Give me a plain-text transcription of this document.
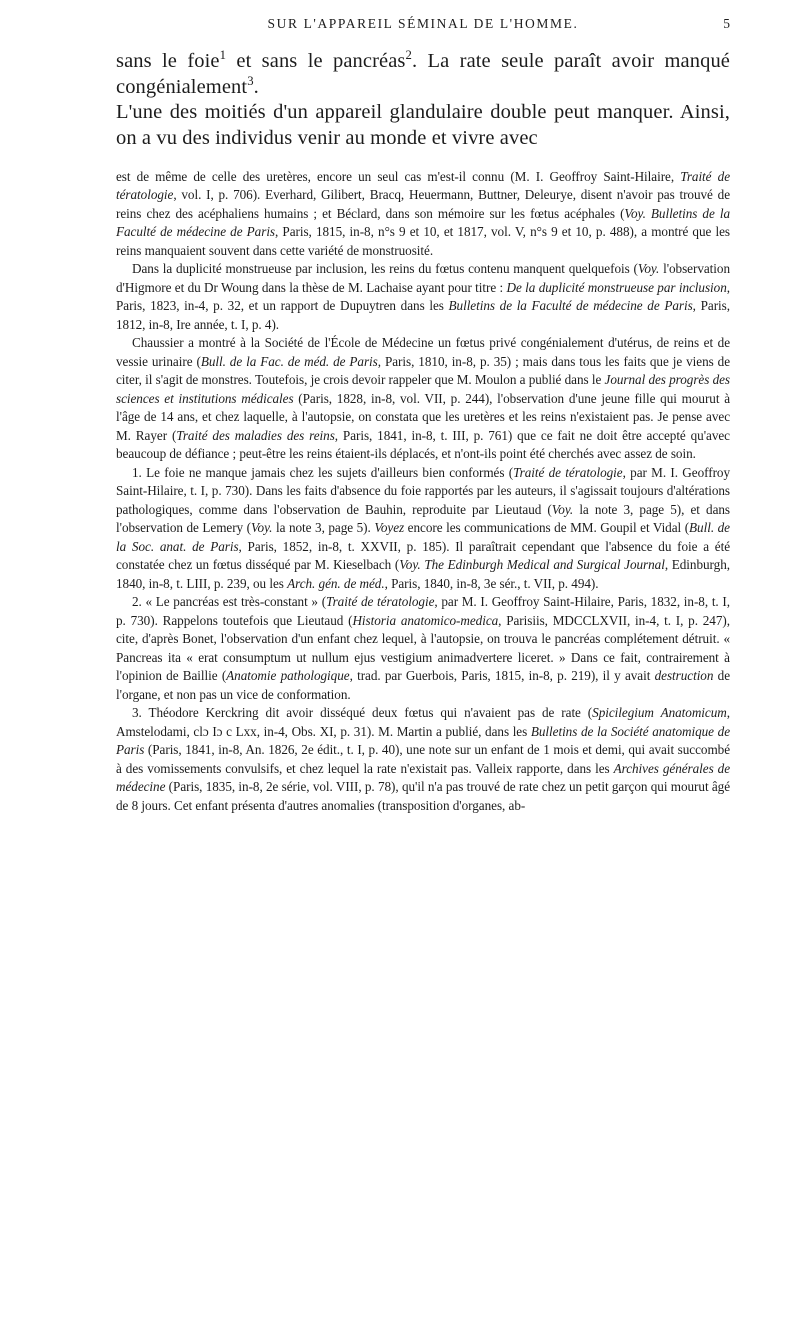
SUR L'APPAREIL SÉMINAL DE L'HOMME.	5

sans le foie$^1$ et sans le pancréas$^2$. La rate seule paraît avoir manqué congénialement$^3$.

L'une des moitiés d'un appareil glandulaire double peut manquer. Ainsi, on a vu des individus venir au monde et vivre avec

est de même de celle des uretères, encore un seul cas m'est-il connu (M. I. Geoffroy Saint-Hilaire, Traité de tératologie, vol. I, p. 706). Everhard, Gilibert, Bracq, Heuermann, Buttner, Deleurye, disent n'avoir pas trouvé de reins chez des acéphaliens humains ; et Béclard, dans son mémoire sur les fœtus acéphales (Voy. Bulletins de la Faculté de médecine de Paris, Paris, 1815, in-8, n°s 9 et 10, et 1817, vol. V, n°s 9 et 10, p. 488), a montré que les reins manquaient souvent dans cette variété de monstruosité.

Dans la duplicité monstrueuse par inclusion, les reins du fœtus contenu manquent quelquefois (Voy. l'observation d'Higmore et du Dr Woung dans la thèse de M. Lachaise ayant pour titre : De la duplicité monstrueuse par inclusion, Paris, 1823, in-4, p. 32, et un rapport de Dupuytren dans les Bulletins de la Faculté de médecine de Paris, Paris, 1812, in-8, Ire année, t. I, p. 4).

Chaussier a montré à la Société de l'École de Médecine un fœtus privé congénialement d'utérus, de reins et de vessie urinaire (Bull. de la Fac. de méd. de Paris, Paris, 1810, in-8, p. 35) ; mais dans tous les faits que je viens de citer, il s'agit de monstres. Toutefois, je crois devoir rappeler que M. Moulon a publié dans le Journal des progrès des sciences et institutions médicales (Paris, 1828, in-8, vol. VII, p. 244), l'observation d'une jeune fille qui mourut à l'âge de 14 ans, et chez laquelle, à l'autopsie, on constata que les uretères et les reins n'existaient pas. Je pense avec M. Rayer (Traité des maladies des reins, Paris, 1841, in-8, t. III, p. 761) que ce fait ne doit être accepté qu'avec beaucoup de défiance ; peut-être les reins étaient-ils déplacés, et n'ont-ils point été cherchés avec assez de soin.

1. Le foie ne manque jamais chez les sujets d'ailleurs bien conformés (Traité de tératologie, par M. I. Geoffroy Saint-Hilaire, t. I, p. 730). Dans les faits d'absence du foie rapportés par les auteurs, il s'agissait toujours d'altérations pathologiques, comme dans l'observation de Bauhin, reproduite par Lieutaud (Voy. la note 3, page 5), et dans l'observation de Lemery (Voy. la note 3, page 5). Voyez encore les communications de MM. Goupil et Vidal (Bull. de la Soc. anat. de Paris, Paris, 1852, in-8, t. XXVII, p. 185). Il paraîtrait cependant que l'absence du foie a été constatée chez un fœtus disséqué par M. Kieselbach (Voy. The Edinburgh Medical and Surgical Journal, Edinburgh, 1840, in-8, t. LIII, p. 239, ou les Arch. gén. de méd., Paris, 1840, in-8, 3e sér., t. VII, p. 494).

2. « Le pancréas est très-constant » (Traité de tératologie, par M. I. Geoffroy Saint-Hilaire, Paris, 1832, in-8, t. I, p. 730). Rappelons toutefois que Lieutaud (Historia anatomico-medica, Parisiis, MDCCLXVII, in-4, t. I, p. 247), cite, d'après Bonet, l'observation d'un enfant chez lequel, à l'autopsie, on trouva le pancréas complétement détruit. « Pancreas ita « erat consumptum ut nullum ejus vestigium animadvertere liceret. » Dans ce fait, contrairement à l'opinion de Baillie (Anatomie pathologique, trad. par Guerbois, Paris, 1815, in-8, p. 219), il y avait destruction de l'organe, et non pas un vice de conformation.

3. Théodore Kerckring dit avoir disséqué deux fœtus qui n'avaient pas de rate (Spicilegium Anatomicum, Amstelodami, clɔ Iɔ c Lxx, in-4, Obs. XI, p. 31). M. Martin a publié, dans les Bulletins de la Société anatomique de Paris (Paris, 1841, in-8, An. 1826, 2e édit., t. I, p. 40), une note sur un enfant de 1 mois et demi, qui avait succombé à des vomissements convulsifs, et chez lequel la rate n'existait pas. Valleix rapporte, dans les Archives générales de médecine (Paris, 1835, in-8, 2e série, vol. VIII, p. 78), qu'il n'a pas trouvé de rate chez un petit garçon qui mourut âgé de 8 jours. Cet enfant présenta d'autres anomalies (transposition d'organes, ab-
